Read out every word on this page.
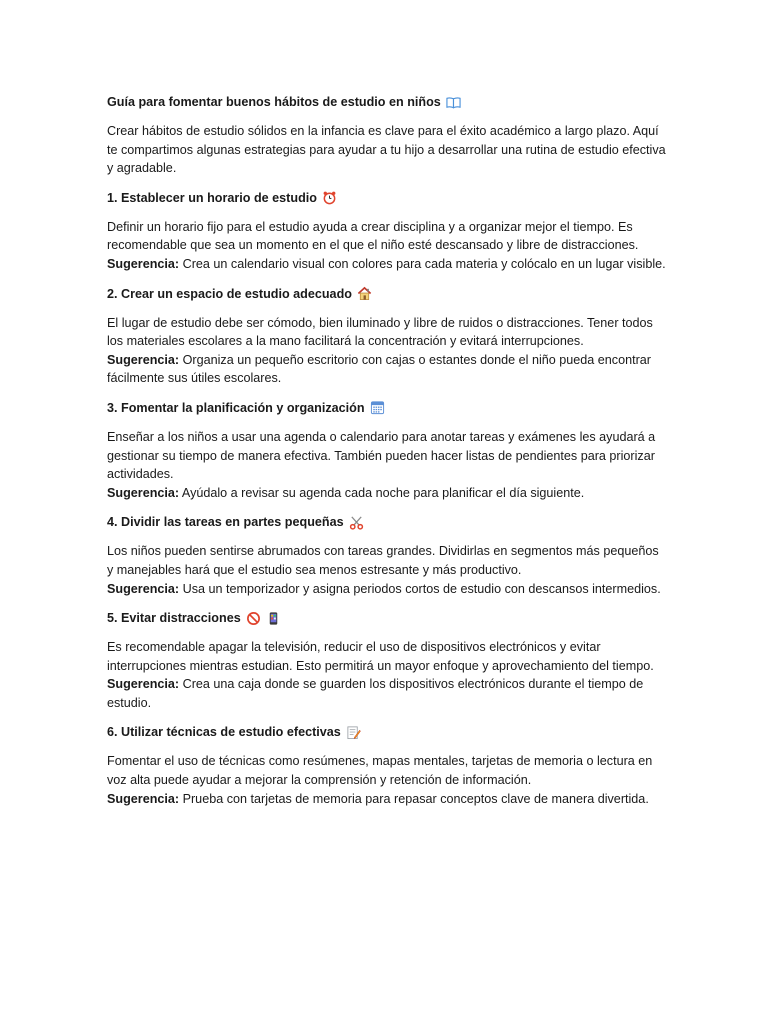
Guía para fomentar buenos hábitos de estudio en niños

Crear hábitos de estudio sólidos en la infancia es clave para el éxito académico a largo plazo. Aquí te compartimos algunas estrategias para ayudar a tu hijo a desarrollar una rutina de estudio efectiva y agradable.

1. Establecer un horario de estudio

Definir un horario fijo para el estudio ayuda a crear disciplina y a organizar mejor el tiempo. Es recomendable que sea un momento en el que el niño esté descansado y libre de distracciones.

Sugerencia: Crea un calendario visual con colores para cada materia y colócalo en un lugar visible.

2. Crear un espacio de estudio adecuado

El lugar de estudio debe ser cómodo, bien iluminado y libre de ruidos o distracciones. Tener todos los materiales escolares a la mano facilitará la concentración y evitará interrupciones.

Sugerencia: Organiza un pequeño escritorio con cajas o estantes donde el niño pueda encontrar fácilmente sus útiles escolares.

3. Fomentar la planificación y organización

Enseñar a los niños a usar una agenda o calendario para anotar tareas y exámenes les ayudará a gestionar su tiempo de manera efectiva. También pueden hacer listas de pendientes para priorizar actividades.

Sugerencia: Ayúdalo a revisar su agenda cada noche para planificar el día siguiente.

4. Dividir las tareas en partes pequeñas

Los niños pueden sentirse abrumados con tareas grandes. Dividirlas en segmentos más pequeños y manejables hará que el estudio sea menos estresante y más productivo.

Sugerencia: Usa un temporizador y asigna periodos cortos de estudio con descansos intermedios.

5. Evitar distracciones

Es recomendable apagar la televisión, reducir el uso de dispositivos electrónicos y evitar interrupciones mientras estudian. Esto permitirá un mayor enfoque y aprovechamiento del tiempo.

Sugerencia: Crea una caja donde se guarden los dispositivos electrónicos durante el tiempo de estudio.

6. Utilizar técnicas de estudio efectivas

Fomentar el uso de técnicas como resúmenes, mapas mentales, tarjetas de memoria o lectura en voz alta puede ayudar a mejorar la comprensión y retención de información.

Sugerencia: Prueba con tarjetas de memoria para repasar conceptos clave de manera divertida.
